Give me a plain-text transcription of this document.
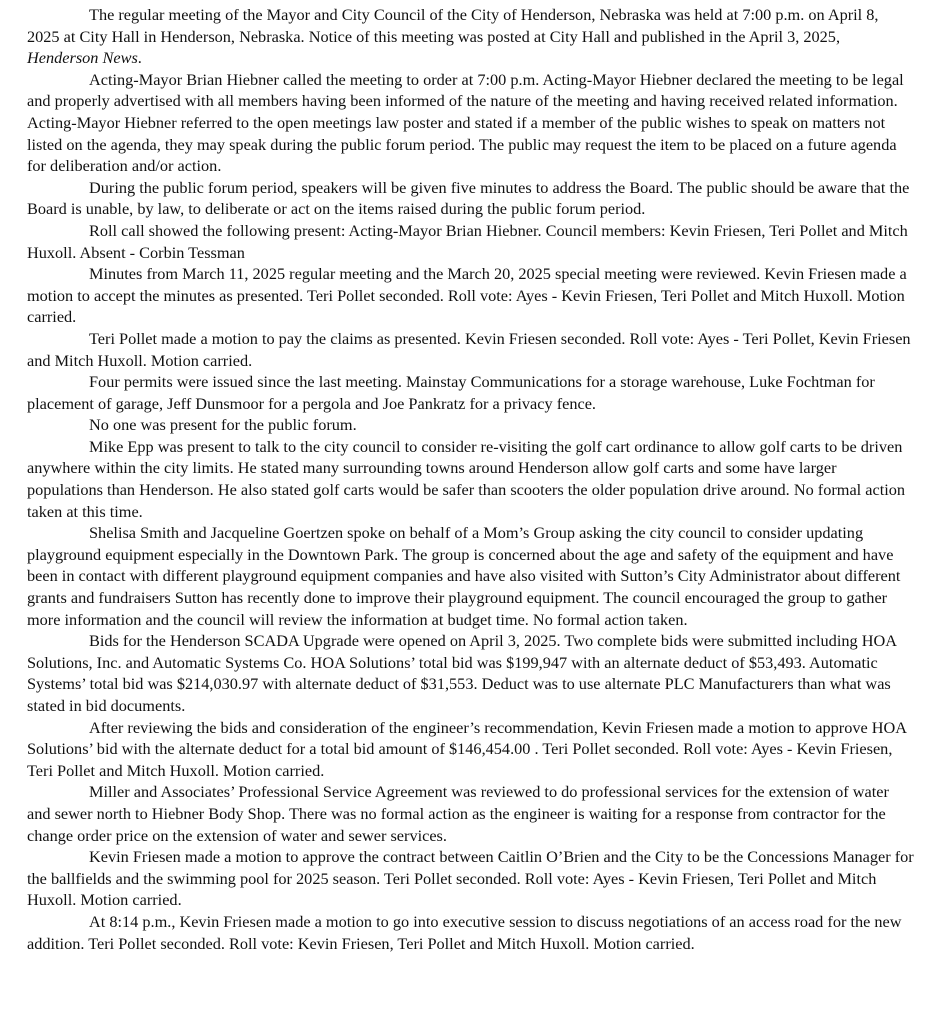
The regular meeting of the Mayor and City Council of the City of Henderson, Nebraska was held at 7:00 p.m. on April 8, 2025 at City Hall in Henderson, Nebraska. Notice of this meeting was posted at City Hall and published in the April 3, 2025, Henderson News.

Acting-Mayor Brian Hiebner called the meeting to order at 7:00 p.m. Acting-Mayor Hiebner declared the meeting to be legal and properly advertised with all members having been informed of the nature of the meeting and having received related information. Acting-Mayor Hiebner referred to the open meetings law poster and stated if a member of the public wishes to speak on matters not listed on the agenda, they may speak during the public forum period. The public may request the item to be placed on a future agenda for deliberation and/or action.

During the public forum period, speakers will be given five minutes to address the Board. The public should be aware that the Board is unable, by law, to deliberate or act on the items raised during the public forum period.

Roll call showed the following present: Acting-Mayor Brian Hiebner. Council members: Kevin Friesen, Teri Pollet and Mitch Huxoll. Absent - Corbin Tessman

Minutes from March 11, 2025 regular meeting and the March 20, 2025 special meeting were reviewed. Kevin Friesen made a motion to accept the minutes as presented. Teri Pollet seconded. Roll vote: Ayes - Kevin Friesen, Teri Pollet and Mitch Huxoll. Motion carried.

Teri Pollet made a motion to pay the claims as presented. Kevin Friesen seconded. Roll vote: Ayes - Teri Pollet, Kevin Friesen and Mitch Huxoll. Motion carried.

Four permits were issued since the last meeting. Mainstay Communications for a storage warehouse, Luke Fochtman for placement of garage, Jeff Dunsmoor for a pergola and Joe Pankratz for a privacy fence.

No one was present for the public forum.

Mike Epp was present to talk to the city council to consider re-visiting the golf cart ordinance to allow golf carts to be driven anywhere within the city limits. He stated many surrounding towns around Henderson allow golf carts and some have larger populations than Henderson. He also stated golf carts would be safer than scooters the older population drive around. No formal action taken at this time.

Shelisa Smith and Jacqueline Goertzen spoke on behalf of a Mom’s Group asking the city council to consider updating playground equipment especially in the Downtown Park. The group is concerned about the age and safety of the equipment and have been in contact with different playground equipment companies and have also visited with Sutton’s City Administrator about different grants and fundraisers Sutton has recently done to improve their playground equipment. The council encouraged the group to gather more information and the council will review the information at budget time. No formal action taken.

Bids for the Henderson SCADA Upgrade were opened on April 3, 2025. Two complete bids were submitted including HOA Solutions, Inc. and Automatic Systems Co. HOA Solutions’ total bid was $199,947 with an alternate deduct of $53,493. Automatic Systems’ total bid was $214,030.97 with alternate deduct of $31,553. Deduct was to use alternate PLC Manufacturers than what was stated in bid documents.

After reviewing the bids and consideration of the engineer’s recommendation, Kevin Friesen made a motion to approve HOA Solutions’ bid with the alternate deduct for a total bid amount of $146,454.00 . Teri Pollet seconded. Roll vote: Ayes - Kevin Friesen, Teri Pollet and Mitch Huxoll. Motion carried.

Miller and Associates’ Professional Service Agreement was reviewed to do professional services for the extension of water and sewer north to Hiebner Body Shop. There was no formal action as the engineer is waiting for a response from contractor for the change order price on the extension of water and sewer services.

Kevin Friesen made a motion to approve the contract between Caitlin O’Brien and the City to be the Concessions Manager for the ballfields and the swimming pool for 2025 season. Teri Pollet seconded. Roll vote: Ayes - Kevin Friesen, Teri Pollet and Mitch Huxoll. Motion carried.

At 8:14 p.m., Kevin Friesen made a motion to go into executive session to discuss negotiations of an access road for the new addition. Teri Pollet seconded. Roll vote: Kevin Friesen, Teri Pollet and Mitch Huxoll. Motion carried.
